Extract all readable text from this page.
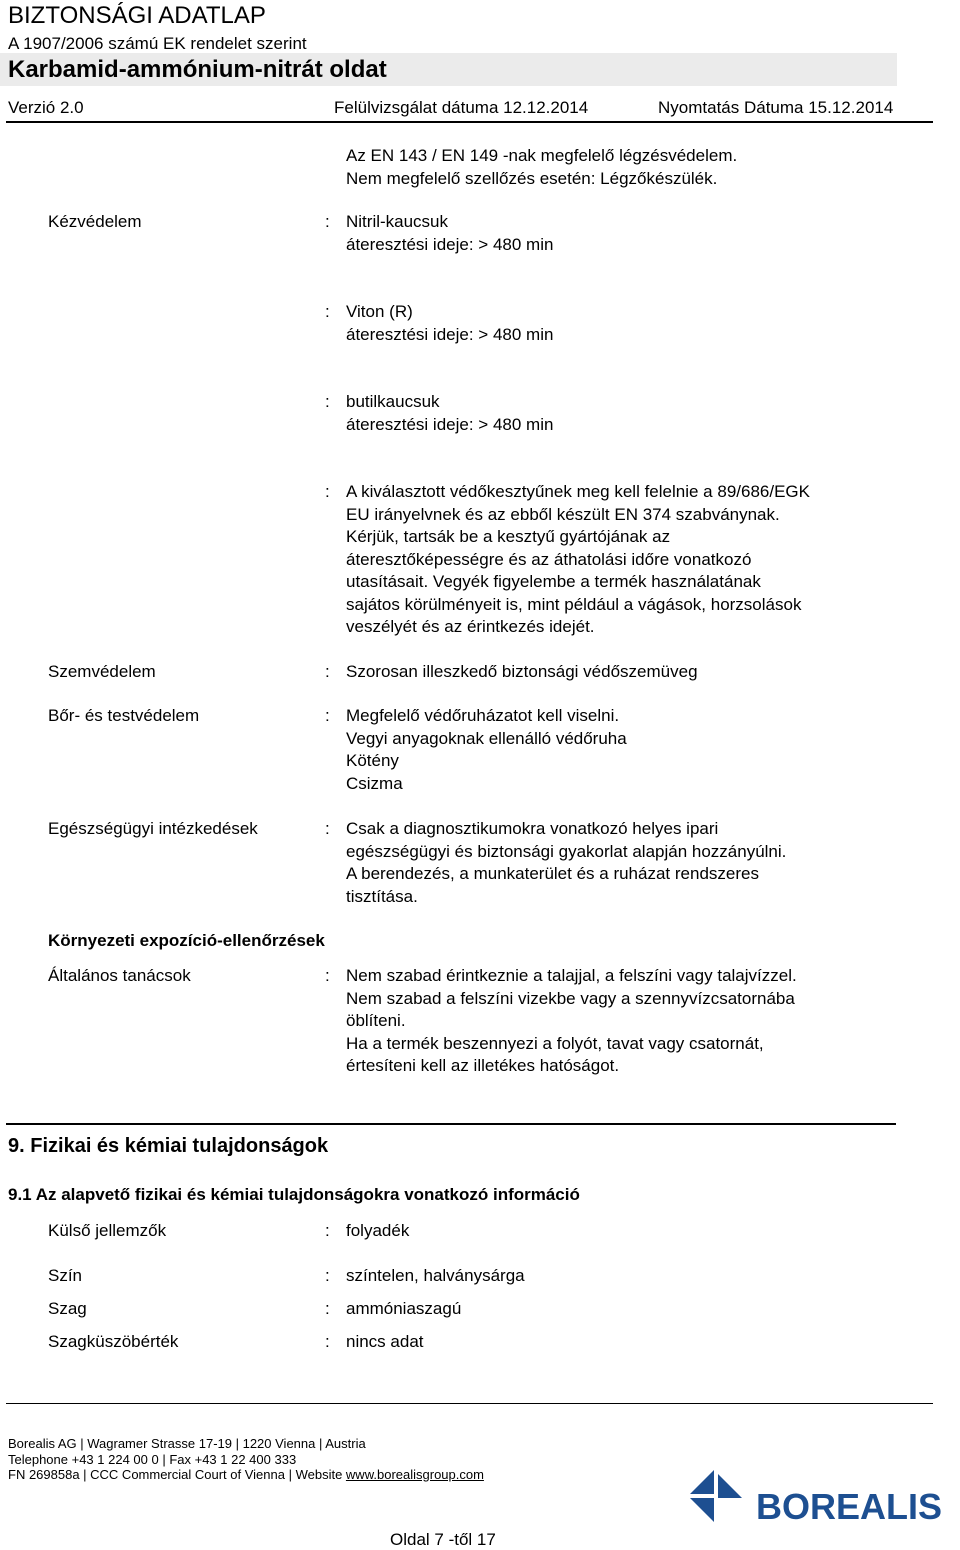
BIZTONSÁGI ADATLAP
A 1907/2006 számú EK rendelet szerint
Karbamid-ammónium-nitrát oldat
Verzió 2.0	Felülvizsgálat dátuma 12.12.2014	Nyomtatás Dátuma 15.12.2014
Az EN 143 / EN 149 -nak megfelelő légzésvédelem.
Nem megfelelő szellőzés esetén: Légzőkészülék.
Kézvédelem	: Nitril-kaucsuk
áteresztési ideje: > 480 min
: Viton (R)
áteresztési ideje: > 480 min
: butilkaucsuk
áteresztési ideje: > 480 min
: A kiválasztott védőkesztyűnek meg kell felelnie a 89/686/EGK
EU irányelvnek és az ebből készült EN 374 szabványnak.
Kérjük, tartsák be a kesztyű gyártójának az
áteresztőképességre és az áthatolási időre vonatkozó
utasításait. Vegyék figyelembe a termék használatának
sajátos körülményeit is, mint például a vágások, horzsolások
veszélyét és az érintkezés idejét.
Szemvédelem	: Szorosan illeszkedő biztonsági védőszemüveg
Bőr- és testvédelem	: Megfelelő védőruházatot kell viselni.
Vegyi anyagoknak ellenálló védőruha
Kötény
Csizma
Egészségügyi intézkedések	: Csak a diagnosztikumokra vonatkozó helyes ipari
egészségügyi és biztonsági gyakorlat alapján hozzányúlni.
A berendezés, a munkaterület és a ruházat rendszeres
tisztítása.
Környezeti expozíció-ellenőrzések
Általános tanácsok	: Nem szabad érintkeznie a talajjal, a felszíni vagy talajvízzel.
Nem szabad a felszíni vizekbe vagy a szennyvízcsatornába
öblíteni.
Ha a termék beszennyezi a folyót, tavat vagy csatornát,
értesíteni kell az illetékes hatóságot.
9. Fizikai és kémiai tulajdonságok
9.1 Az alapvető fizikai és kémiai tulajdonságokra vonatkozó információ
Külső jellemzők	: folyadék
Szín	: színtelen, halványsárga
Szag	: ammóniaszagú
Szagküszöbérték	: nincs adat
Borealis AG | Wagramer Strasse 17-19 | 1220 Vienna | Austria
Telephone +43 1 224 00 0 | Fax +43 1 22 400 333
FN 269858a | CCC Commercial Court of Vienna | Website www.borealisgroup.com
BOREALIS
Oldal 7 -től 17
